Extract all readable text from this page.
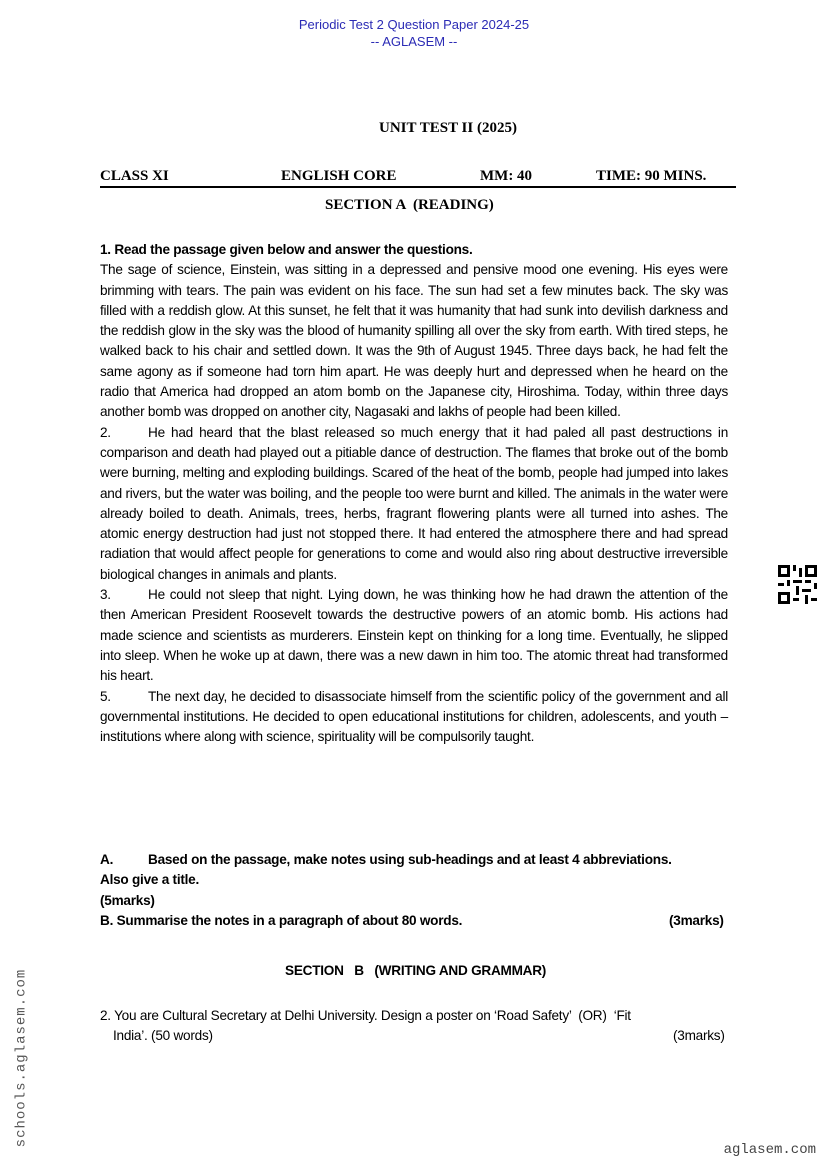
Periodic Test 2 Question Paper 2024-25
-- AGLASEM --
UNIT TEST II (2025)
CLASS XI	ENGLISH CORE	MM: 40	TIME: 90 MINS.
SECTION A  (READING)

1. Read the passage given below and answer the questions.

The sage of science, Einstein, was sitting in a depressed and pensive mood one evening. His eyes were brimming with tears. The pain was evident on his face. The sun had set a few minutes back. The sky was filled with a reddish glow. At this sunset, he felt that it was humanity that had sunk into devilish darkness and the reddish glow in the sky was the blood of humanity spilling all over the sky from earth. With tired steps, he walked back to his chair and settled down. It was the 9th of August 1945. Three days back, he had felt the same agony as if someone had torn him apart. He was deeply hurt and depressed when he heard on the radio that America had dropped an atom bomb on the Japanese city, Hiroshima. Today, within three days another bomb was dropped on another city, Nagasaki and lakhs of people had been killed.

2.	He had heard that the blast released so much energy that it had paled all past destructions in comparison and death had played out a pitiable dance of destruction. The flames that broke out of the bomb were burning, melting and exploding buildings. Scared of the heat of the bomb, people had jumped into lakes and rivers, but the water was boiling, and the people too were burnt and killed. The animals in the water were already boiled to death. Animals, trees, herbs, fragrant flowering plants were all turned into ashes. The atomic energy destruction had just not stopped there. It had entered the atmosphere there and had spread radiation that would affect people for generations to come and would also ring about destructive irreversible biological changes in animals and plants.

3.	He could not sleep that night. Lying down, he was thinking how he had drawn the attention of the then American President Roosevelt towards the destructive powers of an atomic bomb. His actions had made science and scientists as murderers. Einstein kept on thinking for a long time. Eventually, he slipped into sleep. When he woke up at dawn, there was a new dawn in him too. The atomic threat had transformed his heart.

5.	The next day, he decided to disassociate himself from the scientific policy of the government and all governmental institutions. He decided to open educational institutions for children, adolescents, and youth – institutions where along with science, spirituality will be compulsorily taught.

A.	Based on the passage, make notes using sub-headings and at least 4 abbreviations.
Also give a title.
(5marks)
B. Summarise the notes in a paragraph of about 80 words.	(3marks)
SECTION   B   (WRITING AND GRAMMAR)
2. You are Cultural Secretary at Delhi University. Design a poster on ‘Road Safety’  (OR)  ‘Fit
India’. (50 words)	(3marks)
schools.aglasem.com
aglasem.com
